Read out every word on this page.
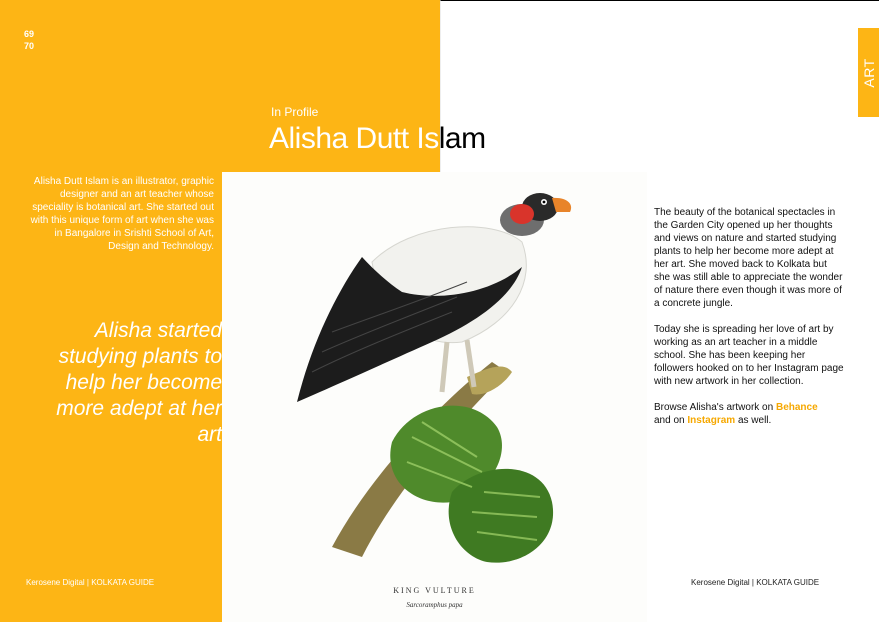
69
70
ART
In Profile
Alisha Dutt Islam
Alisha Dutt Islam is an illustrator, graphic designer and an art teacher whose speciality is botanical art. She started out with this unique form of art when she was in Bangalore in Srishti School of Art, Design and Technology.
Alisha started studying plants to help her become more adept at her art
KING VULTURE
Sarcoramphus papa

The beauty of the botanical spectacles in the Garden City opened up her thoughts and views on nature and started studying plants to help her become more adept at her art. She moved back to Kolkata but she was still able to appreciate the wonder of nature there even though it was more of a concrete jungle.

Today she is spreading her love of art by working as an art teacher in a middle school. She has been keeping her followers hooked on to her Instagram page with new artwork in her collection.

Browse Alisha's artwork on Behance
and on Instagram as well.

Kerosene Digital | KOLKATA GUIDE	Kerosene Digital | KOLKATA GUIDE
